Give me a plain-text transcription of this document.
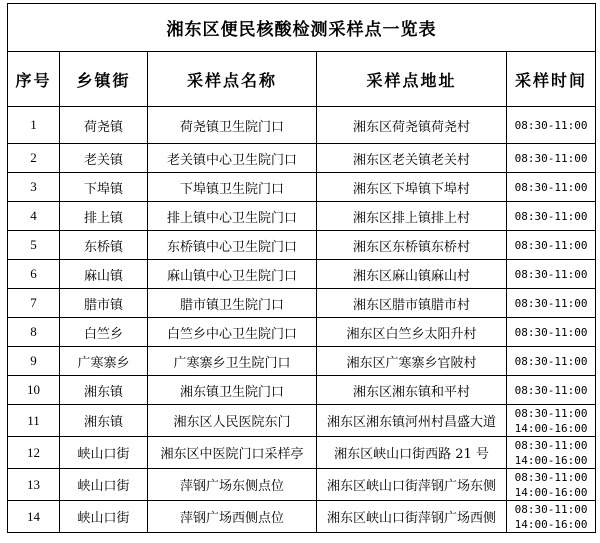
湘东区便民核酸检测采样点一览表				
序号	乡镇街	采样点名称	采样点地址	采样时间
1	荷尧镇	荷尧镇卫生院门口	湘东区荷尧镇荷尧村	08:30-11:00

2	老关镇	老关镇中心卫生院门口	湘东区老关镇老关村	08:30-11:00

3	下埠镇	下埠镇卫生院门口	湘东区下埠镇下埠村	08:30-11:00

4	排上镇	排上镇中心卫生院门口	湘东区排上镇排上村	08:30-11:00

5	东桥镇	东桥镇中心卫生院门口	湘东区东桥镇东桥村	08:30-11:00

6	麻山镇	麻山镇中心卫生院门口	湘东区麻山镇麻山村	08:30-11:00

7	腊市镇	腊市镇卫生院门口	湘东区腊市镇腊市村	08:30-11:00

8	白竺乡	白竺乡中心卫生院门口	湘东区白竺乡太阳升村	08:30-11:00

9	广寒寨乡	广寒寨乡卫生院门口	湘东区广寒寨乡官陂村	08:30-11:00

10	湘东镇	湘东镇卫生院门口	湘东区湘东镇和平村	08:30-11:00

11	湘东镇	湘东区人民医院东门	湘东区湘东镇河州村昌盛大道	08:30-11:00
14:00-16:00

12	峡山口街	湘东区中医院门口采样亭	湘东区峡山口街西路 21 号	08:30-11:00
14:00-16:00

13	峡山口街	萍钢广场东侧点位	湘东区峡山口街萍钢广场东侧	08:30-11:00
14:00-16:00

14	峡山口街	萍钢广场西侧点位	湘东区峡山口街萍钢广场西侧	08:30-11:00
14:00-16:00
